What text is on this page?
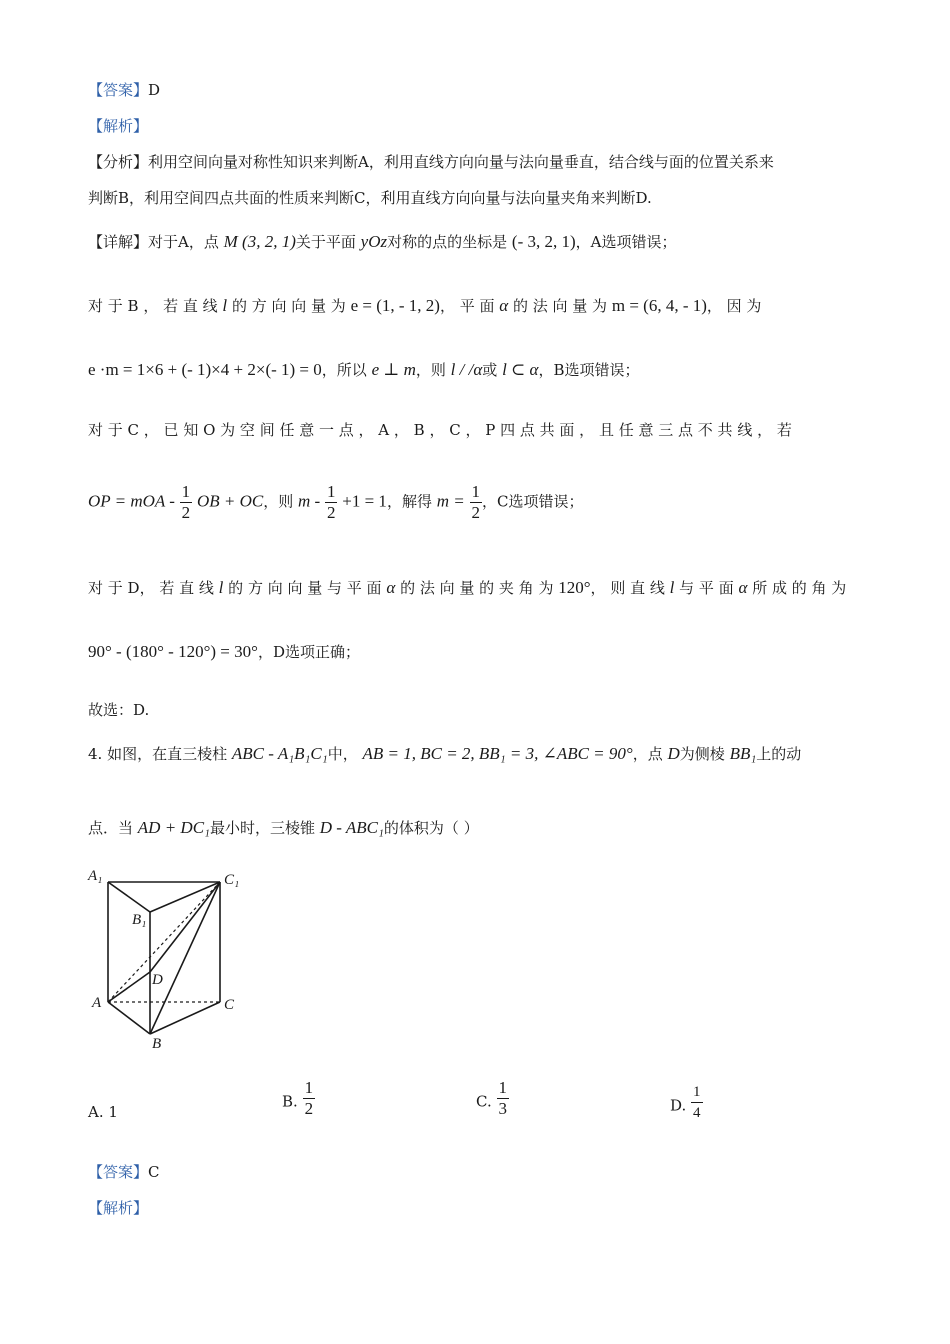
【答案】D
【解析】
【分析】利用空间向量对称性知识来判断A，利用直线方向向量与法向量垂直，结合线与面的位置关系来
判断B，利用空间四点共面的性质来判断C，利用直线方向向量与法向量夹角来判断D.
【详解】对于A，点 M (3, 2, 1)关于平面 yOz对称的点的坐标是 (- 3, 2, 1)，A选项错误；
对 于 B ， 若 直 线 l 的 方 向 向 量 为 e = (1, - 1, 2)， 平 面 α 的 法 向 量 为 m = (6, 4, - 1)， 因 为
e ·m = 1×6 + (- 1)×4 + 2×(- 1) = 0，所以 e ⊥ m，则 l / /α或 l ⊂ α，B选项错误；
对 于 C ， 已 知 O 为 空 间 任 意 一 点 ， A ， B ， C ， P 四 点 共 面 ， 且 任 意 三 点 不 共 线 ， 若
OP = mOA - $\frac{1}{2}$ OB + OC，则 $m - \frac{1}{2} +1 = 1$，解得 $m = \frac{1}{2}$ ，C选项错误；
对 于 D， 若 直 线 l 的 方 向 向 量 与 平 面 α 的 法 向 量 的 夹 角 为 120°， 则 直 线 l 与 平 面 α 所 成 的 角 为
90° - (180° - 120°) = 30°，D选项正确；
故选：D.
4. 如图，在直三棱柱 ABC - A₁B₁C₁中， AB = 1, BC = 2, BB₁ = 3, ∠ABC = 90°，点 D为侧棱 BB₁上的动
点．当 AD + DC₁最小时，三棱锥 D - ABC₁的体积为（ ）
A₁	C₁
B₁
D
A	C
B
A. 1
B. $\frac{1}{2}$	C. $\frac{1}{3}$	D. $\frac{1}{4}$
【答案】C
【解析】
